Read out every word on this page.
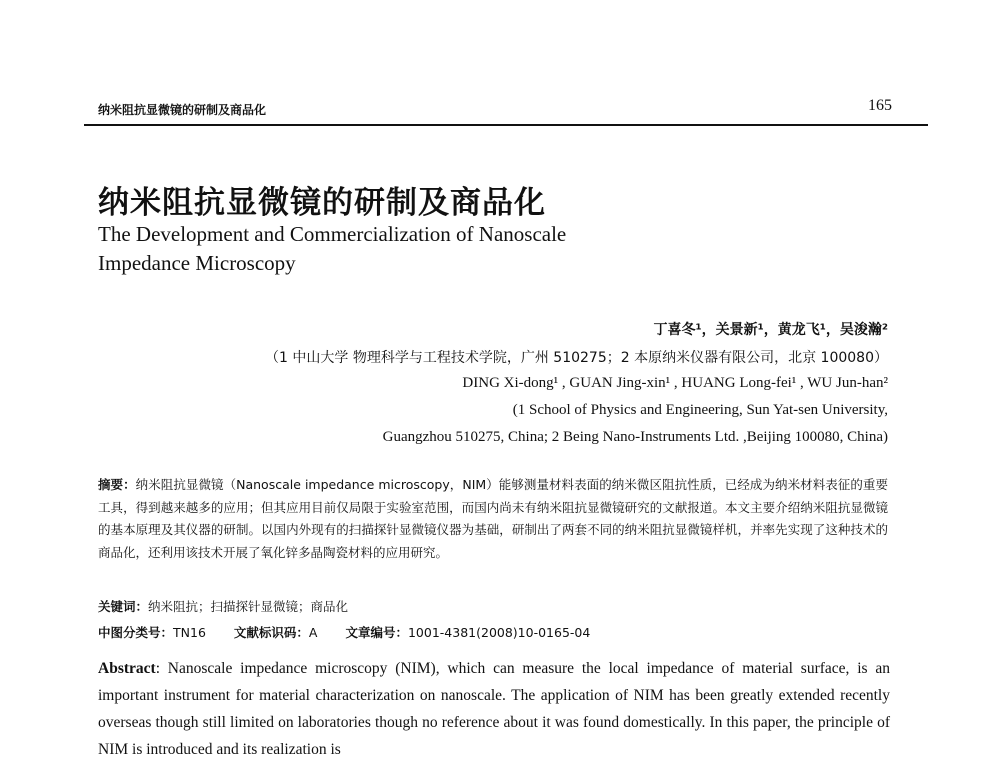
纳米阻抗显微镜的研制及商品化	165
纳米阻抗显微镜的研制及商品化
The Development and Commercialization of Nanoscale
Impedance Microscopy
丁喜冬¹，关景新¹，黄龙飞¹，吴浚瀚²
（1 中山大学 物理科学与工程技术学院，广州 510275；2 本原纳米仪器有限公司，北京 100080）
DING Xi-dong¹ , GUAN Jing-xin¹ , HUANG Long-fei¹ , WU Jun-han²
(1 School of Physics and Engineering, Sun Yat-sen University,
Guangzhou 510275, China; 2 Being Nano-Instruments Ltd. ,Beijing 100080, China)
摘要：纳米阻抗显微镜（Nanoscale impedance microscopy，NIM）能够测量材料表面的纳米微区阻抗性质，已经成为纳米材料表征的重要工具，得到越来越多的应用；但其应用目前仅局限于实验室范围，而国内尚未有纳米阻抗显微镜研究的文献报道。本文主要介绍纳米阻抗显微镜的基本原理及其仪器的研制。以国内外现有的扫描探针显微镜仪器为基础，研制出了两套不同的纳米阻抗显微镜样机，并率先实现了这种技术的商品化，还利用该技术开展了氧化锌多晶陶瓷材料的应用研究。
关键词：纳米阻抗；扫描探针显微镜；商品化
中图分类号：TN16 文献标识码：A 文章编号：1001-4381(2008)10-0165-04
Abstract: Nanoscale impedance microscopy (NIM), which can measure the local impedance of material surface, is an important instrument for material characterization on nanoscale. The application of NIM has been greatly extended recently overseas though still limited on laboratories though no reference about it was found domestically. In this paper, the principle of NIM is introduced and its realization is
